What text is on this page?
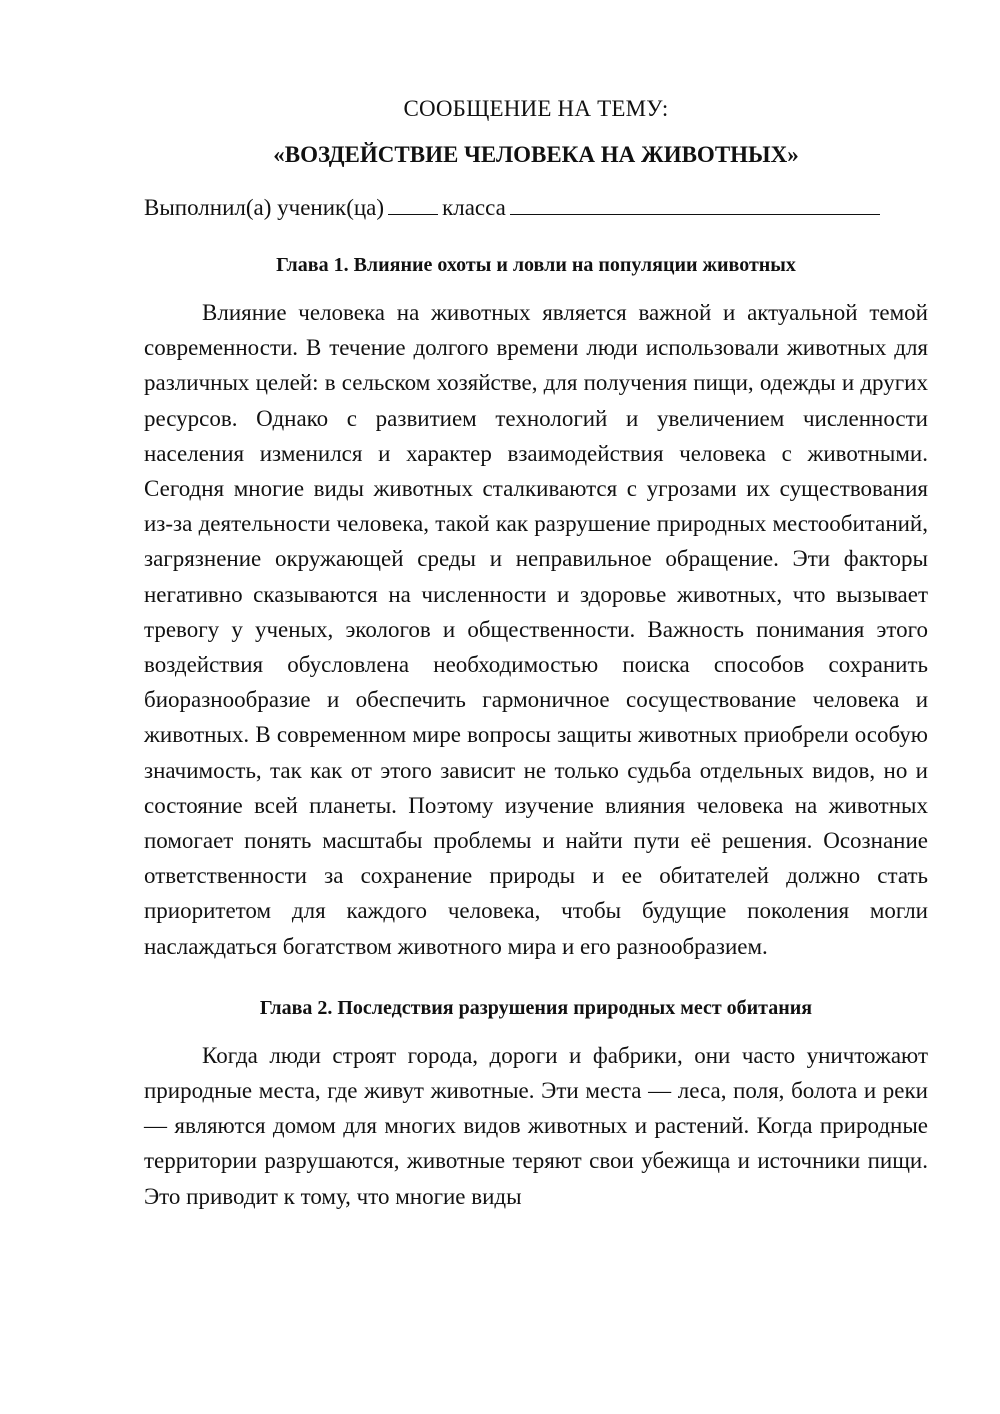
СООБЩЕНИЕ НА ТЕМУ:

«ВОЗДЕЙСТВИЕ ЧЕЛОВЕКА НА ЖИВОТНЫХ»

Выполнил(а) ученик(ца)	класса

Глава 1. Влияние охоты и ловли на популяции животных

Влияние человека на животных является важной и актуальной темой современности. В течение долгого времени люди использовали животных для различных целей: в сельском хозяйстве, для получения пищи, одежды и других ресурсов. Однако с развитием технологий и увеличением численности населения изменился и характер взаимодействия человека с животными. Сегодня многие виды животных сталкиваются с угрозами их существования из-за деятельности человека, такой как разрушение природных местообитаний, загрязнение окружающей среды и неправильное обращение. Эти факторы негативно сказываются на численности и здоровье животных, что вызывает тревогу у ученых, экологов и общественности. Важность понимания этого воздействия обусловлена необходимостью поиска способов сохранить биоразнообразие и обеспечить гармоничное сосуществование человека и животных. В современном мире вопросы защиты животных приобрели особую значимость, так как от этого зависит не только судьба отдельных видов, но и состояние всей планеты. Поэтому изучение влияния человека на животных помогает понять масштабы проблемы и найти пути её решения. Осознание ответственности за сохранение природы и ее обитателей должно стать приоритетом для каждого человека, чтобы будущие поколения могли наслаждаться богатством животного мира и его разнообразием.

Глава 2. Последствия разрушения природных мест обитания

Когда люди строят города, дороги и фабрики, они часто уничтожают природные места, где живут животные. Эти места — леса, поля, болота и реки — являются домом для многих видов животных и растений. Когда природные территории разрушаются, животные теряют свои убежища и источники пищи. Это приводит к тому, что многие виды
